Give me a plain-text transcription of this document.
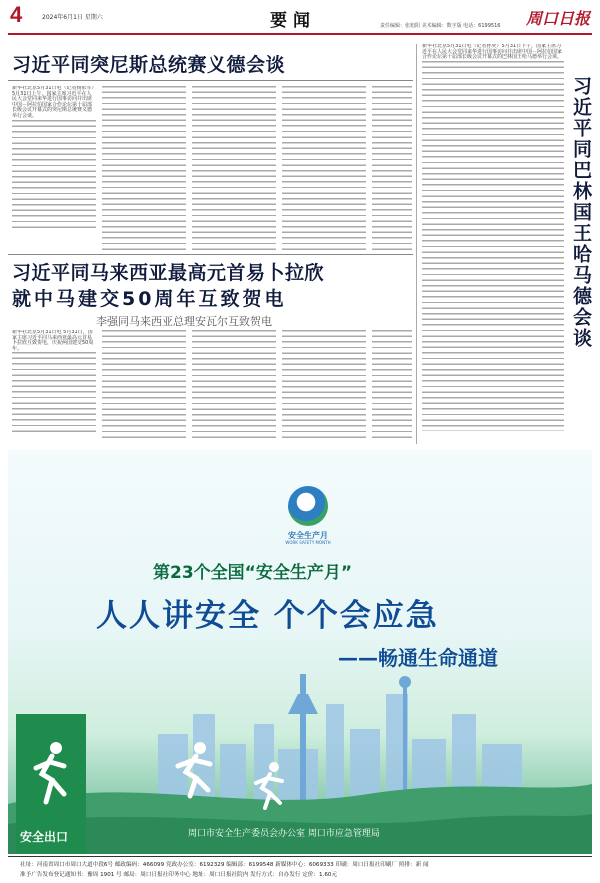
4	2024年6月1日 星期六	要闻	周口日报
责任编辑：张旭阳 美术编辑：数字版 电话：6199516
习近平同突尼斯总统赛义德会谈
新华社北京5月31日电（记者杨依军）5月31日上午，国家主席习近平在人民大会堂同来华进行国事访问并出席中国－阿拉伯国家合作论坛第十届部长级会议开幕式的突尼斯总统赛义德举行会谈。
习近平同马来西亚最高元首易卜拉欣
就中马建交50周年互致贺电
李强同马来西亚总理安瓦尔互致贺电
新华社北京5月31日电 5月31日，国家主席习近平同马来西亚最高元首易卜拉欣互致贺电，庆祝两国建交50周年。
新华社北京5月31日电（记者孙奕）5月31日下午，国家主席习近平在人民大会堂同来华进行国事访问并出席中国－阿拉伯国家合作论坛第十届部长级会议开幕式的巴林国王哈马德举行会谈。
习近平同巴林国王哈马德会谈
安全生产月
WORK SAFETY MONTH
第23个全国“安全生产月”
人人讲安全 个个会应急
——畅通生命通道
安全出口	周口市安全生产委员会办公室 周口市应急管理局
社址：河南省周口市周口大道中段6号 邮政编码：466099 党政办公室：6192329 编辑部：6199548 新媒体中心：6069333 印刷：周口日报社印刷厂 照排：新 闻
准予广告发布登记通知书：豫周 1901 号 邮局：周口日报社印务中心 地址：周口日报社院内 发行方式：自办发行 定价：1.60元
